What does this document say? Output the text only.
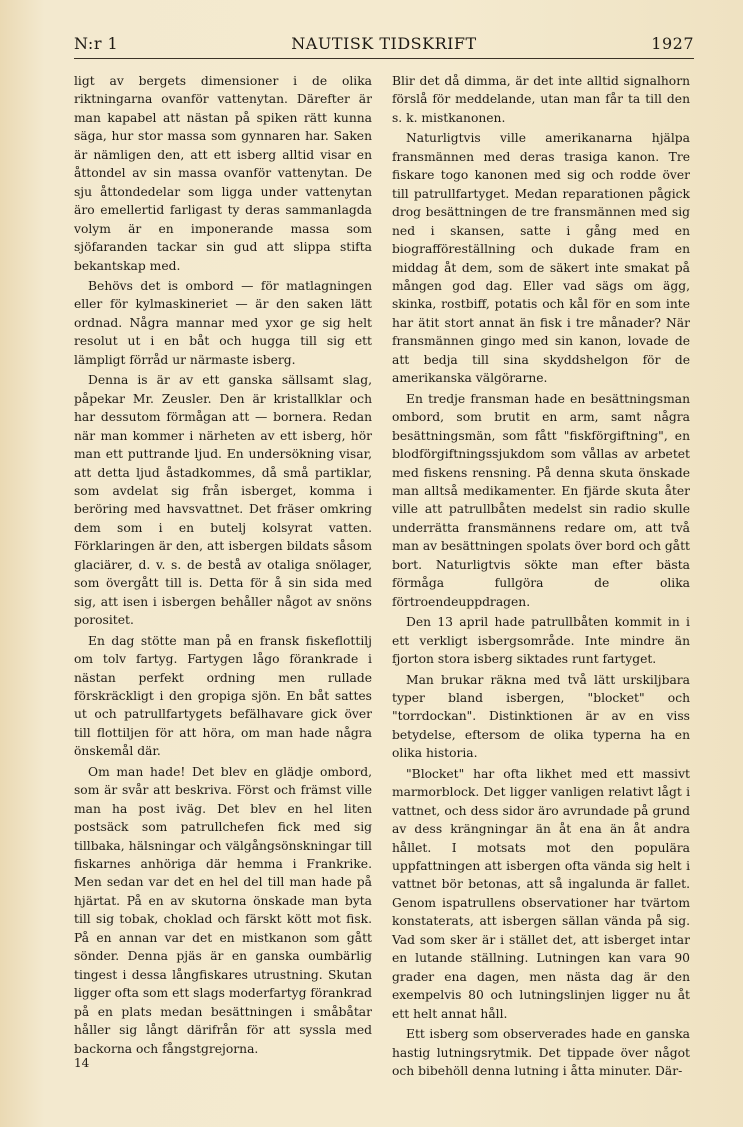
N:r 1	NAUTISK TIDSKRIFT	1927

ligt av bergets dimensioner i de olika riktningarna ovanför vattenytan. Därefter är man kapabel att nästan på spiken rätt kunna säga, hur stor massa som gynnaren har. Saken är nämligen den, att ett isberg alltid visar en åttondel av sin massa ovanför vattenytan. De sju åttondedelar som ligga under vattenytan äro emellertid farligast ty deras sammanlagda volym är en imponerande massa som sjöfaranden tackar sin gud att slippa stifta bekantskap med.

Behövs det is ombord — för matlagningen eller för kylmaskineriet — är den saken lätt ordnad. Några mannar med yxor ge sig helt resolut ut i en båt och hugga till sig ett lämpligt förråd ur närmaste isberg.

Denna is är av ett ganska sällsamt slag, påpekar Mr. Zeusler. Den är kristallklar och har dessutom förmågan att — bornera. Redan när man kommer i närheten av ett isberg, hör man ett puttrande ljud. En undersökning visar, att detta ljud åstadkommes, då små partiklar, som avdelat sig från isberget, komma i beröring med havsvattnet. Det fräser omkring dem som i en butelj kolsyrat vatten. Förklaringen är den, att isbergen bildats såsom glaciärer, d. v. s. de bestå av otaliga snölager, som övergått till is. Detta för å sin sida med sig, att isen i isbergen behåller något av snöns porositet.

En dag stötte man på en fransk fiskeflottilj om tolv fartyg. Fartygen lågo förankrade i nästan perfekt ordning men rullade förskräckligt i den gropiga sjön. En båt sattes ut och patrullfartygets befälhavare gick över till flottiljen för att höra, om man hade några önskemål där.

Om man hade! Det blev en glädje ombord, som är svår att beskriva. Först och främst ville man ha post iväg. Det blev en hel liten postsäck som patrullchefen fick med sig tillbaka, hälsningar och välgångsönskningar till fiskarnes anhöriga där hemma i Frankrike. Men sedan var det en hel del till man hade på hjärtat. På en av skutorna önskade man byta till sig tobak, choklad och färskt kött mot fisk. På en annan var det en mistkanon som gått sönder. Denna pjäs är en ganska oumbärlig tingest i dessa långfiskares utrustning. Skutan ligger ofta som ett slags moderfartyg förankrad på en plats medan besättningen i småbåtar håller sig långt därifrån för att syssla med backorna och fångstgrejorna.

Blir det då dimma, är det inte alltid signalhorn förslå för meddelande, utan man får ta till den s. k. mistkanonen.

Naturligtvis ville amerikanarna hjälpa fransmännen med deras trasiga kanon. Tre fiskare togo kanonen med sig och rodde över till patrullfartyget. Medan reparationen pågick drog besättningen de tre fransmännen med sig ned i skansen, satte i gång med en biografföreställning och dukade fram en middag åt dem, som de säkert inte smakat på mången god dag. Eller vad sägs om ägg, skinka, rostbiff, potatis och kål för en som inte har ätit stort annat än fisk i tre månader? När fransmännen gingo med sin kanon, lovade de att bedja till sina skyddshelgon för de amerikanska välgörarne.

En tredje fransman hade en besättningsman ombord, som brutit en arm, samt några besättningsmän, som fått "fiskförgiftning", en blodförgiftningssjukdom som vållas av arbetet med fiskens rensning. På denna skuta önskade man alltså medikamenter. En fjärde skuta åter ville att patrullbåten medelst sin radio skulle underrätta fransmännens redare om, att två man av besättningen spolats över bord och gått bort. Naturligtvis sökte man efter bästa förmåga fullgöra de olika förtroendeuppdragen.

Den 13 april hade patrullbåten kommit in i ett verkligt isbergsområde. Inte mindre än fjorton stora isberg siktades runt fartyget.

Man brukar räkna med två lätt urskiljbara typer bland isbergen, "blocket" och "torrdockan". Distinktionen är av en viss betydelse, eftersom de olika typerna ha en olika historia.

"Blocket" har ofta likhet med ett massivt marmorblock. Det ligger vanligen relativt lågt i vattnet, och dess sidor äro avrundade på grund av dess krängningar än åt ena än åt andra hållet. I motsats mot den populära uppfattningen att isbergen ofta vända sig helt i vattnet bör betonas, att så ingalunda är fallet. Genom ispatrullens observationer har tvärtom konstaterats, att isbergen sällan vända på sig. Vad som sker är i stället det, att isberget intar en lutande ställning. Lutningen kan vara 90 grader ena dagen, men nästa dag är den exempelvis 80 och lutningslinjen ligger nu åt ett helt annat håll.

Ett isberg som observerades hade en ganska hastig lutningsrytmik. Det tippade över något och bibehöll denna lutning i åtta minuter. Där-

14
